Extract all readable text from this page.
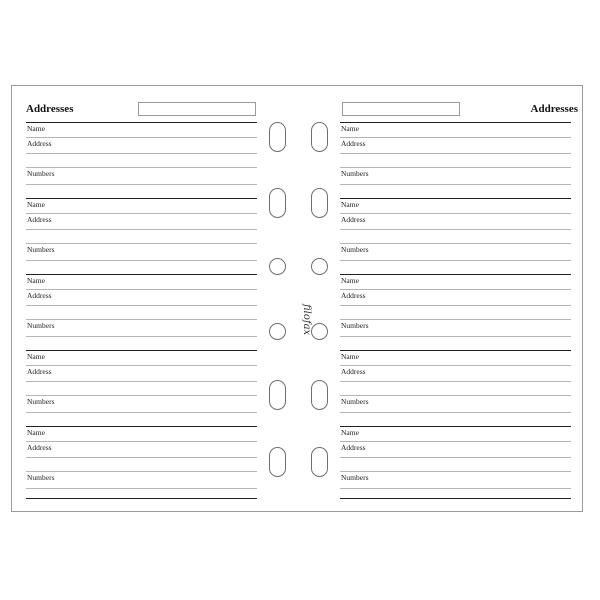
Addresses
Name
Address
Numbers
Name
Address
Numbers
Name
Address
Numbers
Name
Address
Numbers
Name
Address
Numbers
Addresses
Name
Address
Numbers
Name
Address
Numbers
Name
Address
Numbers
Name
Address
Numbers
Name
Address
Numbers
filofax
